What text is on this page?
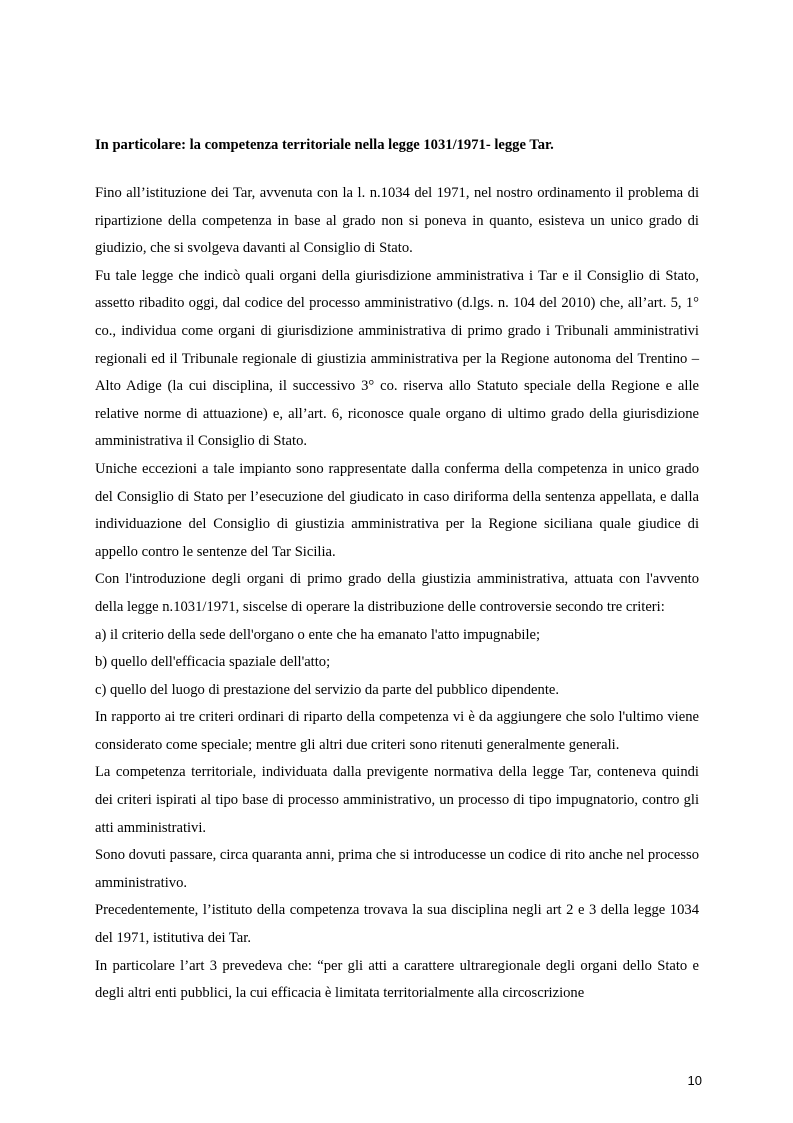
In particolare: la competenza territoriale nella legge 1031/1971- legge Tar.

Fino all’istituzione dei Tar, avvenuta con la l. n.1034 del 1971, nel nostro ordinamento il problema di ripartizione della competenza in base al grado non si poneva in quanto, esisteva un unico grado di giudizio, che si svolgeva davanti al Consiglio di Stato.

Fu tale legge che indicò quali organi della giurisdizione amministrativa i Tar e il Consiglio di Stato, assetto ribadito oggi, dal codice del processo amministrativo (d.lgs. n. 104 del 2010) che, all’art. 5, 1° co., individua come organi di giurisdizione amministrativa di primo grado i Tribunali amministrativi regionali ed il Tribunale regionale di giustizia amministrativa per la Regione autonoma del Trentino – Alto Adige (la cui disciplina, il successivo 3° co. riserva allo Statuto speciale della Regione e alle relative norme di attuazione) e, all’art. 6, riconosce quale organo di ultimo grado della giurisdizione amministrativa il Consiglio di Stato.

Uniche eccezioni a tale impianto sono rappresentate dalla conferma della competenza in unico grado del Consiglio di Stato per l’esecuzione del giudicato in caso diriforma della sentenza appellata, e dalla individuazione del Consiglio di giustizia amministrativa per la Regione siciliana quale giudice di appello contro le sentenze del Tar Sicilia.

Con l'introduzione degli organi di primo grado della giustizia amministrativa, attuata con l'avvento della legge n.1031/1971, siscelse di operare la distribuzione delle controversie secondo tre criteri:

a) il criterio della sede dell'organo o ente che ha emanato l'atto impugnabile;

b) quello dell'efficacia spaziale dell'atto;

c) quello del luogo di prestazione del servizio da parte del pubblico dipendente.

In rapporto ai tre criteri ordinari di riparto della competenza vi è da aggiungere che solo l'ultimo viene considerato come speciale; mentre gli altri due criteri sono ritenuti generalmente generali.

La competenza territoriale, individuata dalla previgente normativa della legge Tar, conteneva quindi dei criteri ispirati al tipo base di processo amministrativo, un processo di tipo impugnatorio, contro gli atti amministrativi.

Sono dovuti passare, circa quaranta anni, prima che si introducesse un codice di rito anche nel processo amministrativo.

Precedentemente, l’istituto della competenza trovava la sua disciplina negli art 2 e 3 della legge 1034 del 1971, istitutiva dei Tar.

In particolare l’art 3 prevedeva che: “per gli atti a carattere ultraregionale degli organi dello Stato e degli altri enti pubblici, la cui efficacia è limitata territorialmente alla circoscrizione

10
